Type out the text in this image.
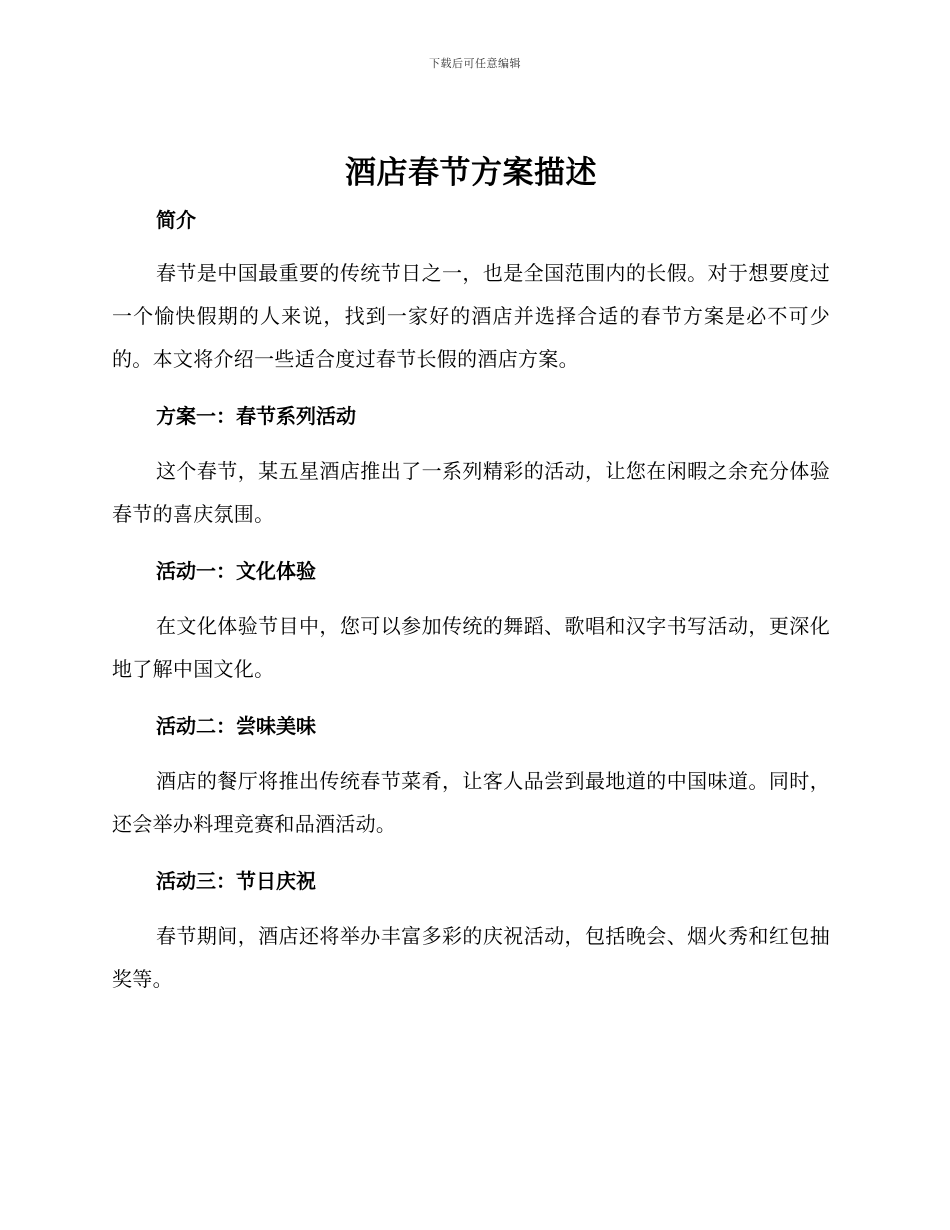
下载后可任意编辑
酒店春节方案描述
简介

春节是中国最重要的传统节日之一，也是全国范围内的长假。对于想要度过一个愉快假期的人来说，找到一家好的酒店并选择合适的春节方案是必不可少的。本文将介绍一些适合度过春节长假的酒店方案。

方案一：春节系列活动

这个春节，某五星酒店推出了一系列精彩的活动，让您在闲暇之余充分体验春节的喜庆氛围。

活动一：文化体验

在文化体验节目中，您可以参加传统的舞蹈、歌唱和汉字书写活动，更深化地了解中国文化。

活动二：尝味美味

酒店的餐厅将推出传统春节菜肴，让客人品尝到最地道的中国味道。同时，还会举办料理竞赛和品酒活动。

活动三：节日庆祝

春节期间，酒店还将举办丰富多彩的庆祝活动，包括晚会、烟火秀和红包抽奖等。
